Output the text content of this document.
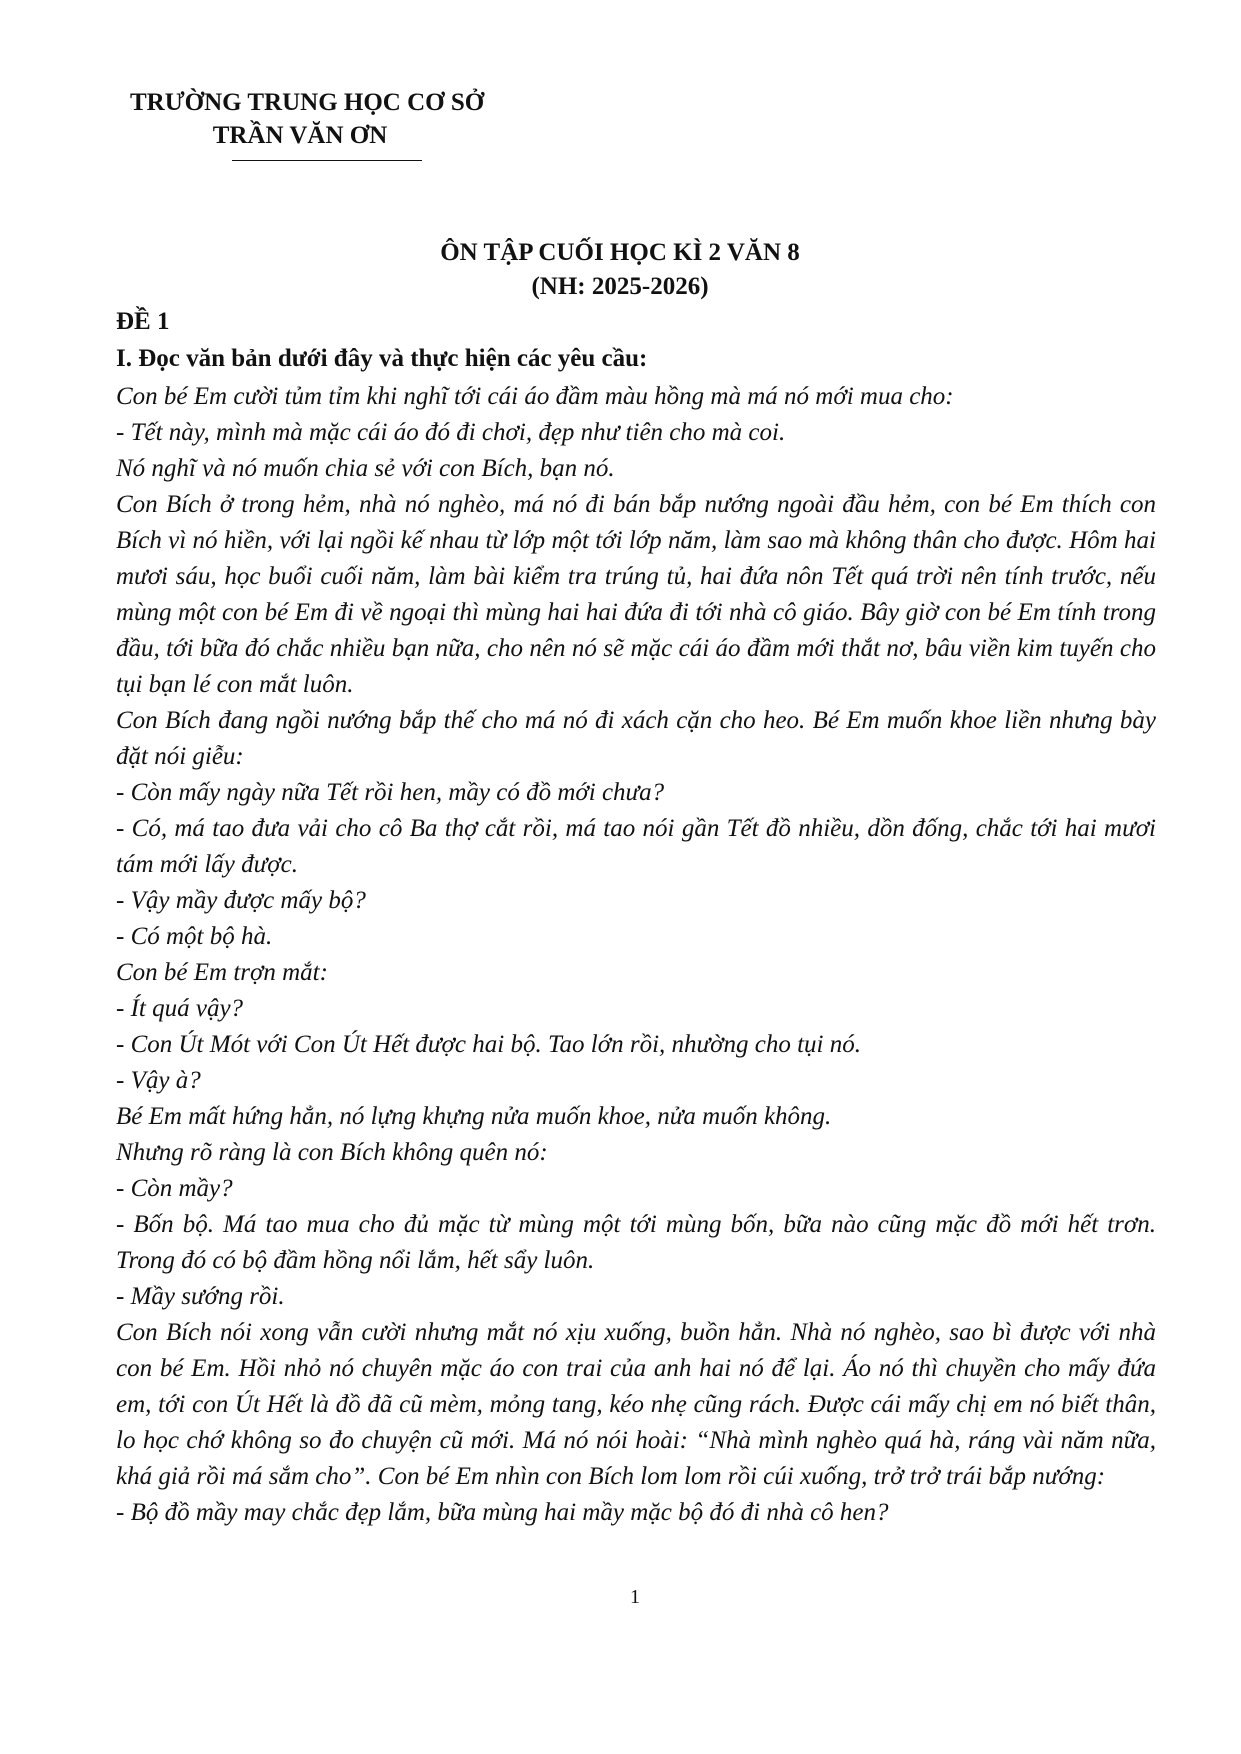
TRƯỜNG TRUNG HỌC CƠ SỞ
TRẦN VĂN ƠN
ÔN TẬP CUỐI HỌC KÌ 2 VĂN 8
(NH: 2025-2026)
ĐỀ 1
I. Đọc văn bản dưới đây và thực hiện các yêu cầu:

Con bé Em cười tủm tỉm khi nghĩ tới cái áo đầm màu hồng mà má nó mới mua cho:

- Tết này, mình mà mặc cái áo đó đi chơi, đẹp như tiên cho mà coi.

Nó nghĩ và nó muốn chia sẻ với con Bích, bạn nó.

Con Bích ở trong hẻm, nhà nó nghèo, má nó đi bán bắp nướng ngoài đầu hẻm, con bé Em thích con Bích vì nó hiền, với lại ngồi kế nhau từ lớp một tới lớp năm, làm sao mà không thân cho được. Hôm hai mươi sáu, học buổi cuối năm, làm bài kiểm tra trúng tủ, hai đứa nôn Tết quá trời nên tính trước, nếu mùng một con bé Em đi về ngoại thì mùng hai hai đứa đi tới nhà cô giáo. Bây giờ con bé Em tính trong đầu, tới bữa đó chắc nhiều bạn nữa, cho nên nó sẽ mặc cái áo đầm mới thắt nơ, bâu viền kim tuyến cho tụi bạn lé con mắt luôn.

Con Bích đang ngồi nướng bắp thế cho má nó đi xách cặn cho heo. Bé Em muốn khoe liền nhưng bày đặt nói giễu:

- Còn mấy ngày nữa Tết rồi hen, mầy có đồ mới chưa?

- Có, má tao đưa vải cho cô Ba thợ cắt rồi, má tao nói gần Tết đồ nhiều, dồn đống, chắc tới hai mươi tám mới lấy được.

- Vậy mầy được mấy bộ?

- Có một bộ hà.

Con bé Em trợn mắt:

- Ít quá vậy?

- Con Út Mót với Con Út Hết được hai bộ. Tao lớn rồi, nhường cho tụi nó.

- Vậy à?

Bé Em mất hứng hẳn, nó lựng khựng nửa muốn khoe, nửa muốn không.

Nhưng rõ ràng là con Bích không quên nó:

- Còn mầy?

- Bốn bộ. Má tao mua cho đủ mặc từ mùng một tới mùng bốn, bữa nào cũng mặc đồ mới hết trơn. Trong đó có bộ đầm hồng nổi lắm, hết sẩy luôn.

- Mầy sướng rồi.

Con Bích nói xong vẫn cười nhưng mắt nó xịu xuống, buồn hẳn. Nhà nó nghèo, sao bì được với nhà con bé Em. Hồi nhỏ nó chuyên mặc áo con trai của anh hai nó để lại. Áo nó thì chuyền cho mấy đứa em, tới con Út Hết là đồ đã cũ mèm, mỏng tang, kéo nhẹ cũng rách. Được cái mấy chị em nó biết thân, lo học chớ không so đo chuyện cũ mới. Má nó nói hoài: “Nhà mình nghèo quá hà, ráng vài năm nữa, khá giả rồi má sắm cho”. Con bé Em nhìn con Bích lom lom rồi cúi xuống, trở trở trái bắp nướng:

- Bộ đồ mầy may chắc đẹp lắm, bữa mùng hai mầy mặc bộ đó đi nhà cô hen?

1
